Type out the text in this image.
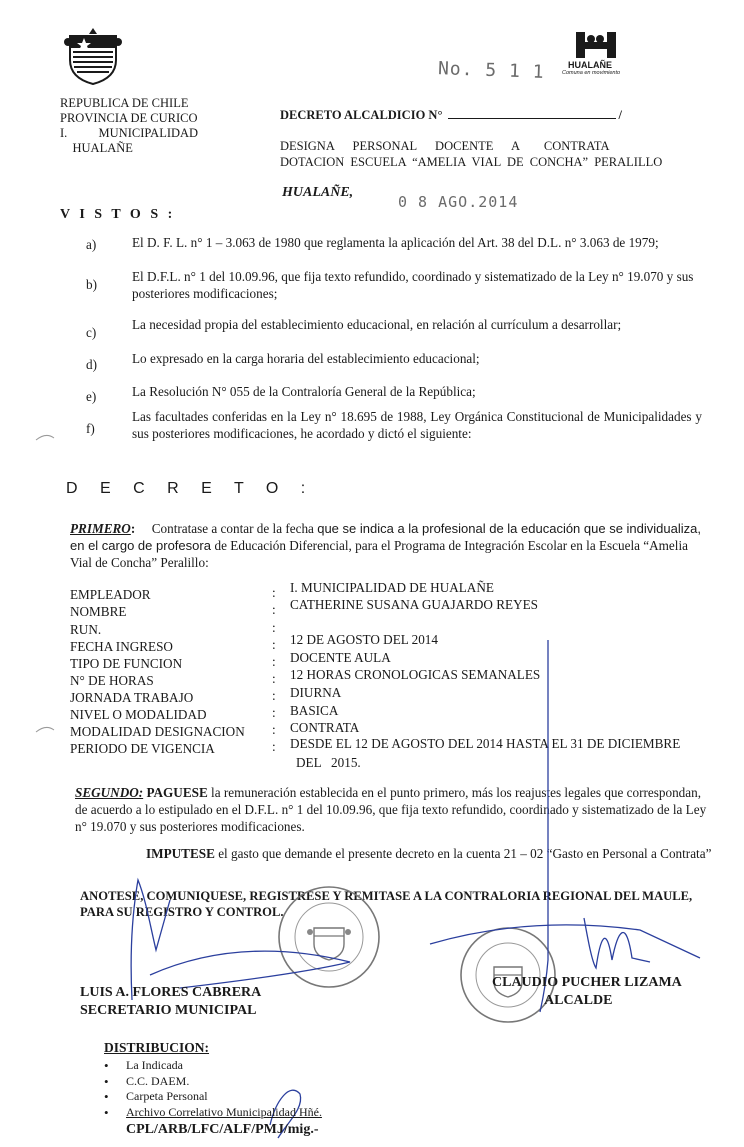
HUALAÑE
Comuna en movimiento
No. 5 1 1
REPUBLICA DE CHILE
PROVINCIA DE CURICO
I.          MUNICIPALIDAD
HUALAÑE
DECRETO ALCALDICIO N°	/
DESIGNA   PERSONAL   DOCENTE   A    CONTRATA
DOTACION ESCUELA “AMELIA VIAL DE CONCHA” PERALILLO
HUALAÑE,
0 8 AGO.2014
V I S T O S :
a)	El D. F. L. n° 1 – 3.063 de 1980 que reglamenta la aplicación del Art. 38 del D.L. n° 3.063 de 1979;
b)
El D.F.L. n° 1 del 10.09.96, que fija texto refundido, coordinado y sistematizado de la Ley n° 19.070 y sus posteriores modificaciones;
c)
La necesidad propia del establecimiento educacional, en relación al currículum a desarrollar;
d)	Lo expresado en la carga horaria del establecimiento educacional;
e)	La Resolución N° 055 de la Contraloría General de la República;
f)
Las facultades conferidas en la Ley n° 18.695 de 1988, Ley Orgánica Constitucional de Municipalidades y sus posteriores modificaciones, he acordado y dictó el siguiente:
D E C R E T O :
PRIMERO: Contratase a contar de la fecha que se indica a la profesional de la educación que se individualiza, en el cargo de profesora de Educación Diferencial, para el Programa de Integración Escolar en la Escuela “Amelia Vial de Concha” Peralillo:
EMPLEADOR	: I. MUNICIPALIDAD DE HUALAÑE
NOMBRE	: CATHERINE SUSANA GUAJARDO REYES
RUN.	:
FECHA INGRESO	: 12 DE AGOSTO DEL 2014
TIPO DE FUNCION	: DOCENTE AULA
N° DE HORAS	: 12 HORAS CRONOLOGICAS SEMANALES
JORNADA TRABAJO	: DIURNA
NIVEL O MODALIDAD	: BASICA
MODALIDAD DESIGNACION : CONTRATA
PERIODO DE VIGENCIA	: DESDE EL 12 DE AGOSTO DEL 2014 HASTA EL 31 DE DICIEMBRE
DEL   2015.
SEGUNDO: PAGUESE la remuneración establecida en el punto primero, más los reajustes legales que correspondan, de acuerdo a lo estipulado en el D.F.L. n° 1 del 10.09.96, que fija texto refundido, coordinado y sistematizado de la Ley n° 19.070 y sus posteriores modificaciones.
IMPUTESE el gasto que demande el presente decreto en la cuenta 21 – 02 “Gasto en Personal a Contrata”
ANOTESE, COMUNIQUESE, REGISTRESE Y REMITASE A LA CONTRALORIA REGIONAL DEL MAULE, PARA SU REGISTRO Y CONTROL.
LUIS A. FLORES CABRERA
SECRETARIO MUNICIPAL
CLAUDIO PUCHER LIZAMA
ALCALDE
DISTRIBUCION:
• La Indicada
• C.C. DAEM.
• Carpeta Personal
• Archivo Correlativo Municipalidad Hñé.
CPL/ARB/LFC/ALF/PMJ/mig.-
